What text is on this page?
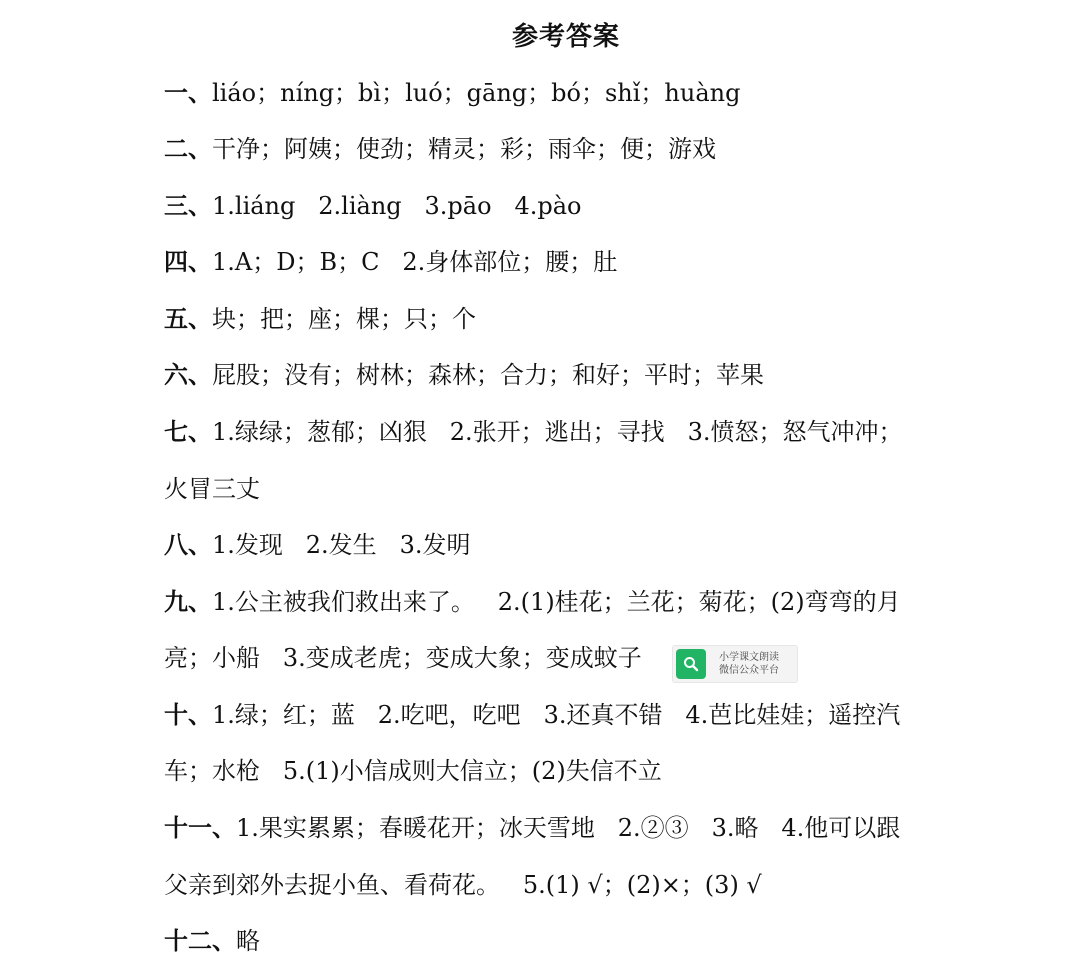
参考答案
一、liáo；níng；bì；luó；gāng；bó；shǐ；huàng
二、干净；阿姨；使劲；精灵；彩；雨伞；便；游戏
三、1.liáng   2.liàng   3.pāo   4.pào
四、1.A；D；B；C   2.身体部位；腰；肚
五、块；把；座；棵；只；个
六、屁股；没有；树林；森林；合力；和好；平时；苹果
七、1.绿绿；葱郁；凶狠   2.张开；逃出；寻找   3.愤怒；怒气冲冲；
火冒三丈
八、1.发现   2.发生   3.发明
九、1.公主被我们救出来了。   2.(1)桂花；兰花；菊花；(2)弯弯的月
亮；小船   3.变成老虎；变成大象；变成蚊子
十、1.绿；红；蓝   2.吃吧，吃吧   3.还真不错   4.芭比娃娃；遥控汽
车；水枪   5.(1)小信成则大信立；(2)失信不立
十一、1.果实累累；春暖花开；冰天雪地   2.②③   3.略   4.他可以跟
父亲到郊外去捉小鱼、看荷花。   5.(1) √；(2)×；(3) √
十二、略
小学课文朗读
微信公众平台
